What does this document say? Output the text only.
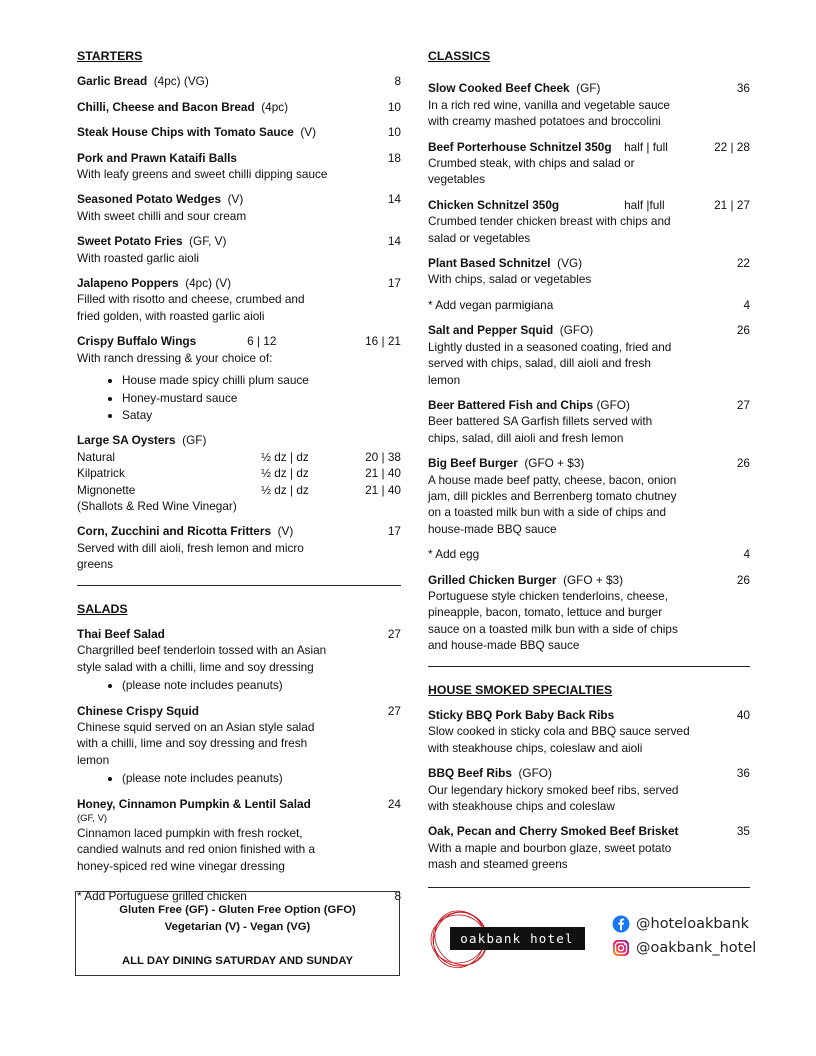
STARTERS
Garlic Bread (4pc) (VG)	8
Chilli, Cheese and Bacon Bread (4pc)	10
Steak House Chips with Tomato Sauce (V)	10
Pork and Prawn Kataifi Balls	18
With leafy greens and sweet chilli dipping sauce
Seasoned Potato Wedges (V)	14
With sweet chilli and sour cream
Sweet Potato Fries (GF, V)	14
With roasted garlic aioli
Jalapeno Poppers (4pc) (V)	17
Filled with risotto and cheese, crumbed and fried golden, with roasted garlic aioli
Crispy Buffalo Wings	6 | 12	16 | 21
With ranch dressing & your choice of:
• House made spicy chilli plum sauce
• Honey-mustard sauce
• Satay
Large SA Oysters (GF)
Natural	½ dz | dz	20 | 38
Kilpatrick	½ dz | dz	21 | 40
Mignonette	½ dz | dz	21 | 40
(Shallots & Red Wine Vinegar)
Corn, Zucchini and Ricotta Fritters (V)	17
Served with dill aioli, fresh lemon and micro greens
SALADS
Thai Beef Salad	27
Chargrilled beef tenderloin tossed with an Asian style salad with a chilli, lime and soy dressing
• (please note includes peanuts)
Chinese Crispy Squid	27
Chinese squid served on an Asian style salad with a chilli, lime and soy dressing and fresh lemon
• (please note includes peanuts)
Honey, Cinnamon Pumpkin & Lentil Salad	24
(GF, V)
Cinnamon laced pumpkin with fresh rocket, candied walnuts and red onion finished with a honey-spiced red wine vinegar dressing
* Add Portuguese grilled chicken	8
Gluten Free (GF) - Gluten Free Option (GFO)
Vegetarian (V) - Vegan (VG)
ALL DAY DINING SATURDAY AND SUNDAY
CLASSICS
Slow Cooked Beef Cheek (GF)	36
In a rich red wine, vanilla and vegetable sauce with creamy mashed potatoes and broccolini
Beef Porterhouse Schnitzel 350g	half | full	22 | 28
Crumbed steak, with chips and salad or vegetables
Chicken Schnitzel 350g	half |full	21 | 27
Crumbed tender chicken breast with chips and salad or vegetables
Plant Based Schnitzel (VG)	22
With chips, salad or vegetables
* Add vegan parmigiana	4
Salt and Pepper Squid (GFO)	26
Lightly dusted in a seasoned coating, fried and served with chips, salad, dill aioli and fresh lemon
Beer Battered Fish and Chips (GFO)	27
Beer battered SA Garfish fillets served with chips, salad, dill aioli and fresh lemon
Big Beef Burger (GFO + $3)	26
A house made beef patty, cheese, bacon, onion jam, dill pickles and Berrenberg tomato chutney on a toasted milk bun with a side of chips and house-made BBQ sauce
* Add egg	4
Grilled Chicken Burger (GFO + $3)	26
Portuguese style chicken tenderloins, cheese, pineapple, bacon, tomato, lettuce and burger sauce on a toasted milk bun with a side of chips and house-made BBQ sauce
HOUSE SMOKED SPECIALTIES
Sticky BBQ Pork Baby Back Ribs	40
Slow cooked in sticky cola and BBQ sauce served with steakhouse chips, coleslaw and aioli
BBQ Beef Ribs (GFO)	36
Our legendary hickory smoked beef ribs, served with steakhouse chips and coleslaw
Oak, Pecan and Cherry Smoked Beef Brisket	35
With a maple and bourbon glaze, sweet potato mash and steamed greens
oakbank hotel
@hoteloakbank
@oakbank_hotel
